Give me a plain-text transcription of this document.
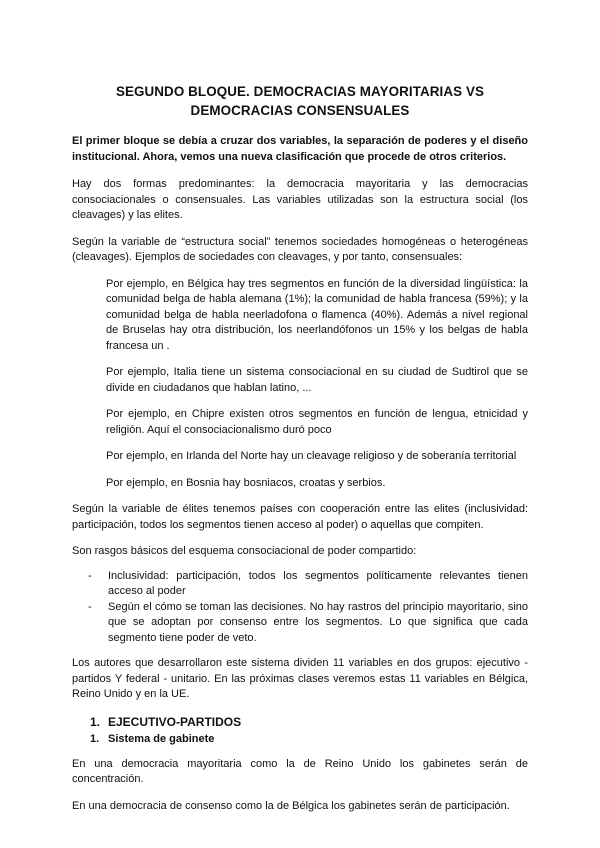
SEGUNDO BLOQUE. DEMOCRACIAS MAYORITARIAS VS DEMOCRACIAS CONSENSUALES

El primer bloque se debía a cruzar dos variables, la separación de poderes y el diseño institucional. Ahora, vemos una nueva clasificación que procede de otros criterios.

Hay dos formas predominantes: la democracia mayoritaria y las democracias consociacionales o consensuales. Las variables utilizadas son la estructura social (los cleavages) y las elites.

Según la variable de “estructura social” tenemos sociedades homogéneas o heterogéneas (cleavages). Ejemplos de sociedades con cleavages, y por tanto, consensuales:

Por ejemplo, en Bélgica hay tres segmentos en función de la diversidad lingüística: la comunidad belga de habla alemana (1%); la comunidad de habla francesa (59%); y la comunidad belga de habla neerladofona o flamenca (40%). Además a nivel regional de Bruselas hay otra distribución, los neerlandófonos un 15% y los belgas de habla francesa un .

Por ejemplo, Italia tiene un sistema consociacional en su ciudad de Sudtirol que se divide en ciudadanos que hablan latino, ...

Por ejemplo, en Chipre existen otros segmentos en función de lengua, etnicidad y religión. Aquí el consociacionalismo duró poco

Por ejemplo, en Irlanda del Norte hay un cleavage religioso y de soberanía territorial

Por ejemplo, en Bosnia hay bosniacos, croatas y serbios.

Según la variable de élites tenemos países con cooperación entre las elites (inclusividad: participación, todos los segmentos tienen acceso al poder) o aquellas que compiten.

Son rasgos básicos del esquema consociacional de poder compartido:

- Inclusividad: participación, todos los segmentos políticamente relevantes tienen acceso al poder
- Según el cómo se toman las decisiones. No hay rastros del principio mayoritario, sino que se adoptan por consenso entre los segmentos. Lo que significa que cada segmento tiene poder de veto.

Los autores que desarrollaron este sistema dividen 11 variables en dos grupos: ejecutivo - partidos Y federal - unitario. En las próximas clases veremos estas 11 variables en Bélgica, Reino Unido y en la UE.

1. EJECUTIVO-PARTIDOS
1. Sistema de gabinete

En una democracia mayoritaria como la de Reino Unido los gabinetes serán de concentración.

En una democracia de consenso como la de Bélgica los gabinetes serán de participación.
